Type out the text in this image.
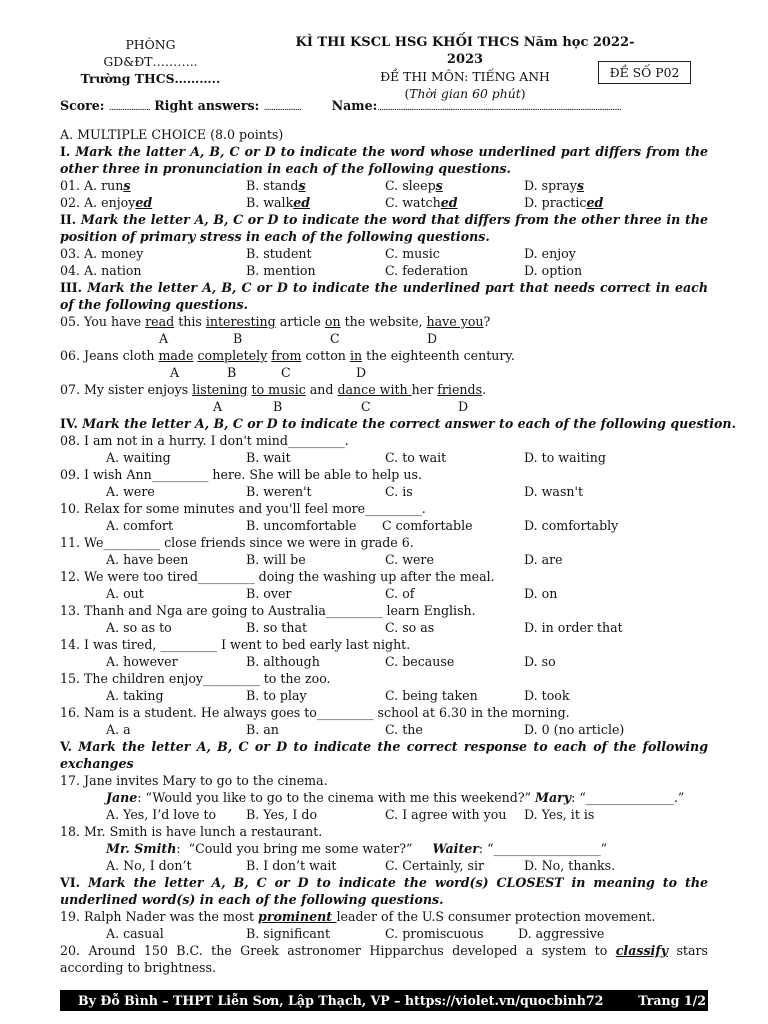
PHÒNG GD&ĐT………..
Trường THCS………..
KÌ THI KSCL HSG KHỐI THCS Năm học 2022-2023
ĐỀ THI MÔN: TIẾNG ANH
(Thời gian 60 phút)
ĐỀ SỐ P02
Score: ...................... Right answers: .................... Name:...................................................................................................................................
A. MULTIPLE CHOICE (8.0 points)
I. Mark the latter A, B, C or D to indicate the word whose underlined part differs from the other three in pronunciation in each of the following questions.
01. A. runs	B. stands	C. sleeps	D. sprays
02. A. enjoyed	B. walked	C. watched	D. practiced
II. Mark the letter A, B, C or D to indicate the word that differs from the other three in the position of primary stress in each of the following questions.
03. A. money	B. student	C. music	D. enjoy
04. A. nation	B. mention	C. federation	D. option
III. Mark the letter A, B, C or D to indicate the underlined part that needs correct in each of the following questions.
05. You have read this interesting article on the website, have you?
A	B	C	D
06. Jeans cloth made completely from cotton in the eighteenth century.
A	B	C	D
07. My sister enjoys listening to music and dance with her friends.
A	B	C	D
IV. Mark the letter A, B, C or D to indicate the correct answer to each of the following question.
08. I am not in a hurry. I don't mind_________.
A. waiting	B. wait	C. to wait	D. to waiting
09. I wish Ann_________ here. She will be able to help us.
A. were	B. weren't	C. is	D. wasn't
10. Relax for some minutes and you'll feel more_________.
A. comfort	B. uncomfortable C comfortable	D. comfortably
11. We_________ close friends since we were in grade 6.
A. have been	B. will be	C. were	D. are
12. We were too tired_________ doing the washing up after the meal.
A. out	B. over	C. of	D. on
13. Thanh and Nga are going to Australia_________ learn English.
A. so as to	B. so that	C. so as	D. in order that
14. I was tired, _________ I went to bed early last night.
A. however	B. although	C. because	D. so
15. The children enjoy_________ to the zoo.
A. taking	B. to play	C. being taken	D. took
16. Nam is a student. He always goes to_________ school at 6.30 in the morning.
A. a	B. an	C. the	D. 0 (no article)
V. Mark the letter A, B, C or D to indicate the correct response to each of the following exchanges
17. Jane invites Mary to go to the cinema.
Jane: “Would you like to go to the cinema with me this weekend?” Mary: “______________.”
A. Yes, I’d love to B. Yes, I do	C. I agree with you D. Yes, it is
18. Mr. Smith is have lunch a restaurant.
Mr. Smith:  “Could you bring me some water?”     Waiter: “_________________”
A. No, I don’t	B. I don’t wait	C. Certainly, sir	D. No, thanks.
VI. Mark the letter A, B, C or D to indicate the word(s) CLOSEST in meaning to the underlined word(s) in each of the following questions.
19. Ralph Nader was the most prominent leader of the U.S consumer protection movement.
A. casual	B. significant	C. promiscuous	D. aggressive
20. Around 150 B.C. the Greek astronomer Hipparchus developed a system to classify stars according to brightness.
By Đỗ Bình – THPT Liễn Sơn, Lập Thạch, VP – https://violet.vn/quocbinh72	Trang 1/2
